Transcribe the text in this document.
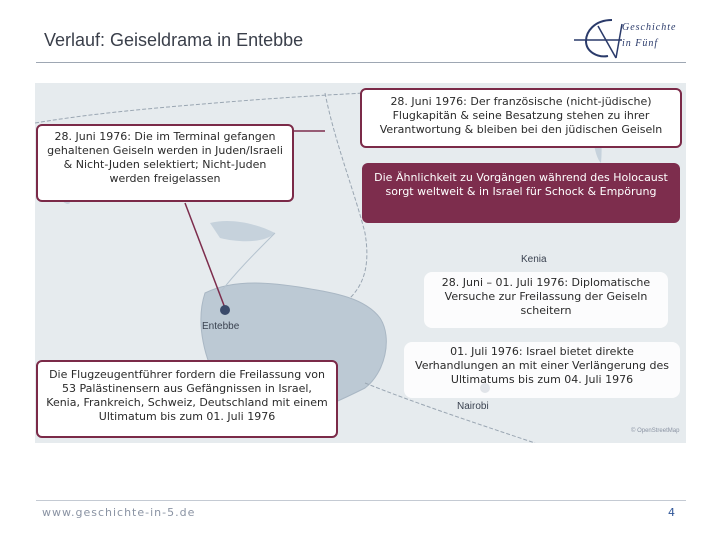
Verlauf: Geiseldrama in Entebbe
Geschichte
in Fünf
Kenia
Entebbe
Nairobi
© OpenStreetMap
28. Juni 1976: Die im Terminal gefangen gehaltenen Geiseln werden in Juden/Israeli & Nicht-Juden selektiert; Nicht-Juden werden freigelassen
28. Juni 1976: Der französische (nicht-jüdische) Flugkapitän & seine Besatzung stehen zu ihrer Verantwortung & bleiben bei den jüdischen Geiseln
Die Ähnlichkeit zu Vorgängen während des Holocaust sorgt weltweit & in Israel für Schock & Empörung
28. Juni – 01. Juli 1976: Diplomatische Versuche zur Freilassung der Geiseln scheitern
Die Flugzeugentführer fordern die Freilassung von 53 Palästinensern aus Gefängnissen in Israel, Kenia, Frankreich, Schweiz, Deutschland mit einem Ultimatum bis zum 01. Juli 1976
01. Juli 1976: Israel bietet direkte Verhandlungen an mit einer Verlängerung des Ultimatums bis zum 04. Juli 1976
www.geschichte-in-5.de	4
